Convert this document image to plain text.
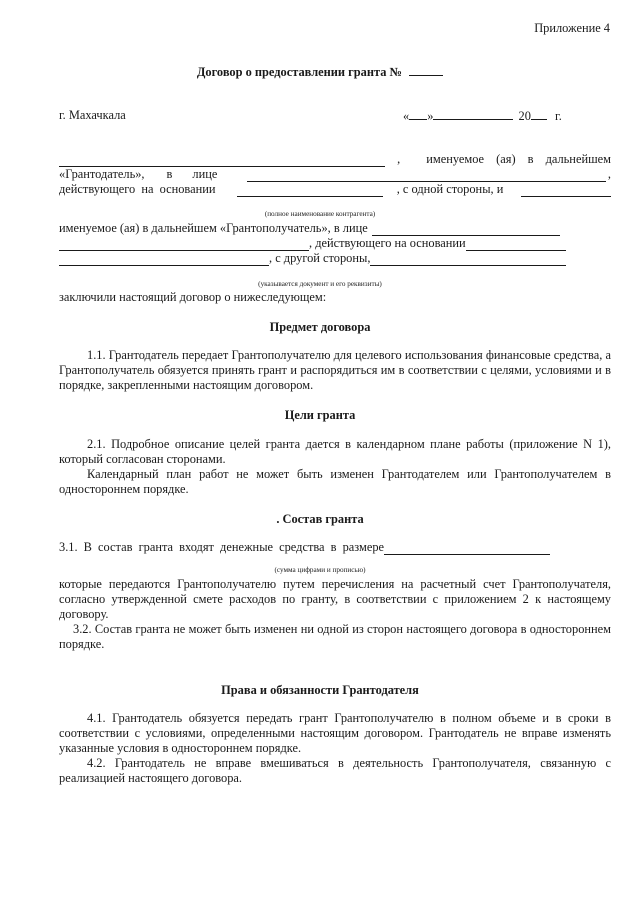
Приложение 4
Договор о предоставлении гранта №
г. Махачкала	« »	20 г.
, именуемое (ая) в дальнейшем
«Грантодатель», в лице	,
действующего на основании	, с одной стороны, и
(полное наименование контрагента)
именуемое (ая) в дальнейшем «Грантополучатель», в лице
, действующего на основании
, с другой стороны,
(указывается документ и его реквизиты)
заключили настоящий договор о нижеследующем:
Предмет договора
1.1. Грантодатель передает Грантополучателю для целевого использования финансовые средства, а Грантополучатель обязуется принять грант и распорядиться им в соответствии с целями, условиями и в порядке, закрепленными настоящим договором.
Цели гранта
2.1. Подробное описание целей гранта дается в календарном плане работы (приложение N 1), который согласован сторонами.
Календарный план работ не может быть изменен Грантодателем или Грантополучателем в одностороннем порядке.
. Состав гранта
3.1. В состав гранта входят денежные средства в размере
(сумма цифрами и прописью)
которые передаются Грантополучателю путем перечисления на расчетный счет Грантополучателя, согласно утвержденной смете расходов по гранту, в соответствии с приложением 2 к настоящему договору.
3.2. Состав гранта не может быть изменен ни одной из сторон настоящего договора в одностороннем порядке.
Права и обязанности Грантодателя
4.1. Грантодатель обязуется передать грант Грантополучателю в полном объеме и в сроки в соответствии с условиями, определенными настоящим договором. Грантодатель не вправе изменять указанные условия в одностороннем порядке.
4.2. Грантодатель не вправе вмешиваться в деятельность Грантополучателя, связанную с реализацией настоящего договора.
